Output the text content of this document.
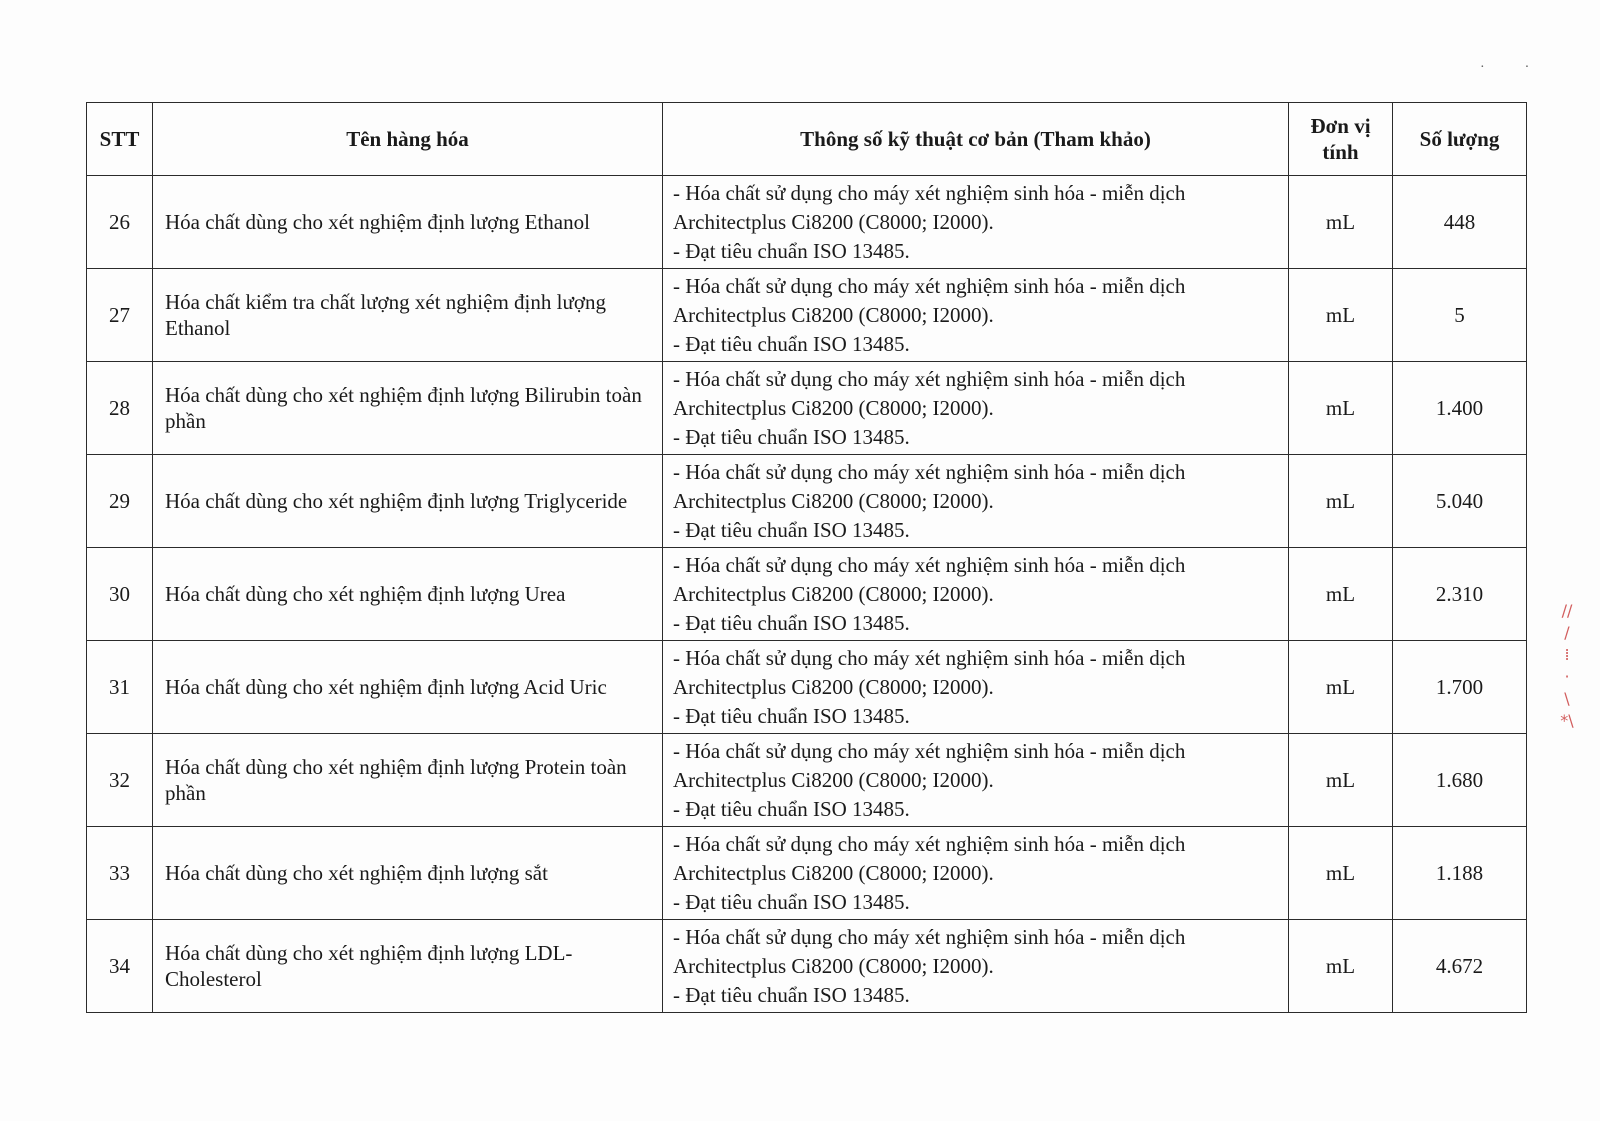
··
STT	Tên hàng hóa	Thông số kỹ thuật cơ bản (Tham khảo)	Đơn vị tính	Số lượng
26	Hóa chất dùng cho xét nghiệm định lượng Ethanol	- Hóa chất sử dụng cho máy xét nghiệm sinh hóa - miễn dịch
Architectplus Ci8200 (C8000; I2000).
- Đạt tiêu chuẩn ISO 13485.	mL	448
27	Hóa chất kiểm tra chất lượng xét nghiệm định lượng Ethanol	- Hóa chất sử dụng cho máy xét nghiệm sinh hóa - miễn dịch
Architectplus Ci8200 (C8000; I2000).
- Đạt tiêu chuẩn ISO 13485.	mL	5
28	Hóa chất dùng cho xét nghiệm định lượng Bilirubin toàn phần	- Hóa chất sử dụng cho máy xét nghiệm sinh hóa - miễn dịch
Architectplus Ci8200 (C8000; I2000).
- Đạt tiêu chuẩn ISO 13485.	mL	1.400
29	Hóa chất dùng cho xét nghiệm định lượng Triglyceride	- Hóa chất sử dụng cho máy xét nghiệm sinh hóa - miễn dịch
Architectplus Ci8200 (C8000; I2000).
- Đạt tiêu chuẩn ISO 13485.	mL	5.040
30	Hóa chất dùng cho xét nghiệm định lượng Urea	- Hóa chất sử dụng cho máy xét nghiệm sinh hóa - miễn dịch
Architectplus Ci8200 (C8000; I2000).
- Đạt tiêu chuẩn ISO 13485.	mL	2.310
31	Hóa chất dùng cho xét nghiệm định lượng Acid Uric	- Hóa chất sử dụng cho máy xét nghiệm sinh hóa - miễn dịch
Architectplus Ci8200 (C8000; I2000).
- Đạt tiêu chuẩn ISO 13485.	mL	1.700
32	Hóa chất dùng cho xét nghiệm định lượng Protein toàn phần	- Hóa chất sử dụng cho máy xét nghiệm sinh hóa - miễn dịch
Architectplus Ci8200 (C8000; I2000).
- Đạt tiêu chuẩn ISO 13485.	mL	1.680
33	Hóa chất dùng cho xét nghiệm định lượng sắt	- Hóa chất sử dụng cho máy xét nghiệm sinh hóa - miễn dịch
Architectplus Ci8200 (C8000; I2000).
- Đạt tiêu chuẩn ISO 13485.	mL	1.188
34	Hóa chất dùng cho xét nghiệm định lượng LDL-Cholesterol	- Hóa chất sử dụng cho máy xét nghiệm sinh hóa - miễn dịch
Architectplus Ci8200 (C8000; I2000).
- Đạt tiêu chuẩn ISO 13485.	mL	4.672
//
/
⁞
·
\
*\
